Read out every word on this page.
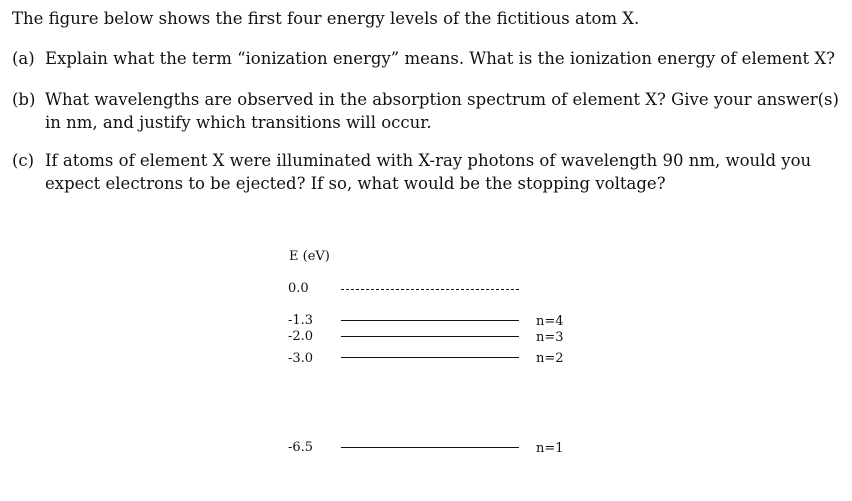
The figure below shows the first four energy levels of the fictitious atom X.
(a) Explain what the term “ionization energy” means. What is the ionization energy of element X?
(b) What wavelengths are observed in the absorption spectrum of element X? Give your answer(s) in nm, and justify which transitions will occur.
(c) If atoms of element X were illuminated with X-ray photons of wavelength 90 nm, would you expect electrons to be ejected? If so, what would be the stopping voltage?
E (eV)
0.0
-1.3	n=4
-2.0	n=3
-3.0	n=2
-6.5	n=1
